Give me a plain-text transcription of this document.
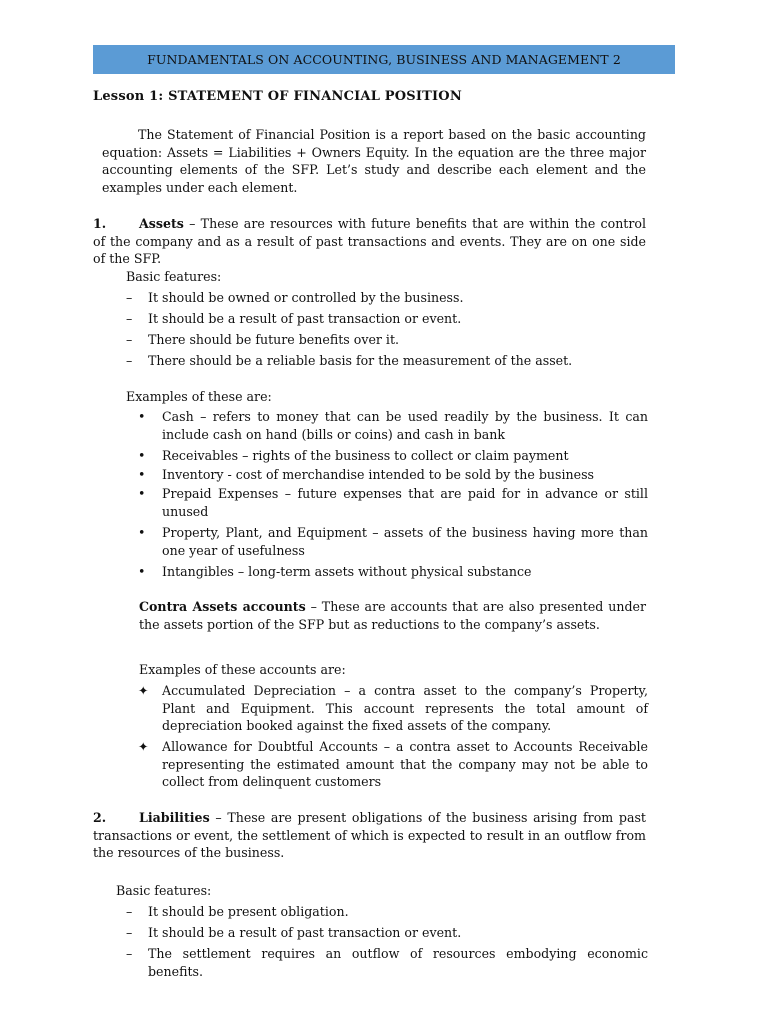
FUNDAMENTALS ON ACCOUNTING, BUSINESS AND MANAGEMENT 2
Lesson 1: STATEMENT OF FINANCIAL POSITION
The Statement of Financial Position is a report based on the basic accounting equation: Assets = Liabilities + Owners Equity. In the equation are the three major accounting elements of the SFP. Let’s study and describe each element and the examples under each element.
1.	Assets – These are resources with future benefits that are within the control of the company and as a result of past transactions and events. They are on one side of the SFP.
Basic features:
– It should be owned or controlled by the business.
– It should be a result of past transaction or event.
– There should be future benefits over it.
– There should be a reliable basis for the measurement of the asset.
Examples of these are:
•	Cash – refers to money that can be used readily by the business. It can include cash on hand (bills or coins) and cash in bank
•	Receivables – rights of the business to collect or claim payment
•	Inventory - cost of merchandise intended to be sold by the business
•	Prepaid Expenses – future expenses that are paid for in advance or still unused
•	Property, Plant, and Equipment – assets of the business having more than one year of usefulness
•	Intangibles – long-term assets without physical substance
Contra Assets accounts – These are accounts that are also presented under the assets portion of the SFP but as reductions to the company’s assets.
Examples of these accounts are:
✦	Accumulated Depreciation – a contra asset to the company’s Property, Plant and Equipment. This account represents the total amount of depreciation booked against the fixed assets of the company.
✦	Allowance for Doubtful Accounts – a contra asset to Accounts Receivable representing the estimated amount that the company may not be able to collect from delinquent customers
2.	Liabilities – These are present obligations of the business arising from past transactions or event, the settlement of which is expected to result in an outflow from the resources of the business.
Basic features:
– It should be present obligation.
– It should be a result of past transaction or event.
–	The settlement requires an outflow of resources embodying economic benefits.
